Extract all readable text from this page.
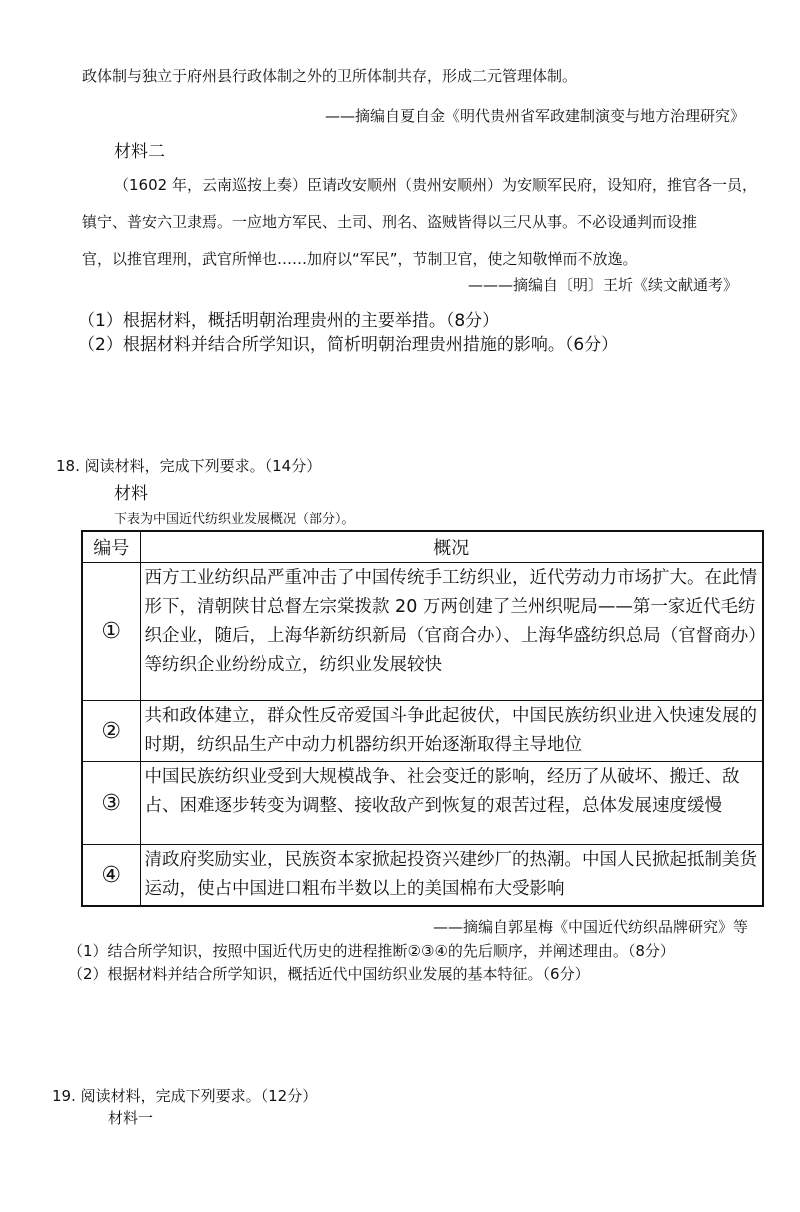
政体制与独立于府州县行政体制之外的卫所体制共存，形成二元管理体制。
——摘编自夏自金《明代贵州省军政建制演变与地方治理研究》
材料二
（1602 年，云南巡按上奏）臣请改安顺州（贵州安顺州）为安顺军民府，设知府，推官各一员，
镇宁、普安六卫隶焉。一应地方军民、土司、刑名、盗贼皆得以三尺从事。不必设通判而设推
官，以推官理刑，武官所惮也……加府以“军民”，节制卫官，使之知敬惮而不放逸。
———摘编自〔明〕王圻《续文献通考》
（1）根据材料，概括明朝治理贵州的主要举措。（8分）
（2）根据材料并结合所学知识，简析明朝治理贵州措施的影响。（6分）
18. 阅读材料，完成下列要求。（14分）
材料
下表为中国近代纺织业发展概况（部分）。
编号	概况
①	西方工业纺织品严重冲击了中国传统手工纺织业，近代劳动力市场扩大。在此情形下，清朝陕甘总督左宗棠拨款 20 万两创建了兰州织呢局——第一家近代毛纺织企业，随后，上海华新纺织新局（官商合办）、上海华盛纺织总局（官督商办）等纺织企业纷纷成立，纺织业发展较快
②	共和政体建立，群众性反帝爱国斗争此起彼伏，中国民族纺织业进入快速发展的时期，纺织品生产中动力机器纺织开始逐渐取得主导地位
③	中国民族纺织业受到大规模战争、社会变迁的影响，经历了从破坏、搬迁、敌占、困难逐步转变为调整、接收敌产到恢复的艰苦过程，总体发展速度缓慢
④	清政府奖励实业，民族资本家掀起投资兴建纱厂的热潮。中国人民掀起抵制美货运动，使占中国进口粗布半数以上的美国棉布大受影响
——摘编自郭星梅《中国近代纺织品牌研究》等
（1）结合所学知识，按照中国近代历史的进程推断②③④的先后顺序，并阐述理由。（8分）
（2）根据材料并结合所学知识，概括近代中国纺织业发展的基本特征。（6分）
19. 阅读材料，完成下列要求。（12分）
材料一
